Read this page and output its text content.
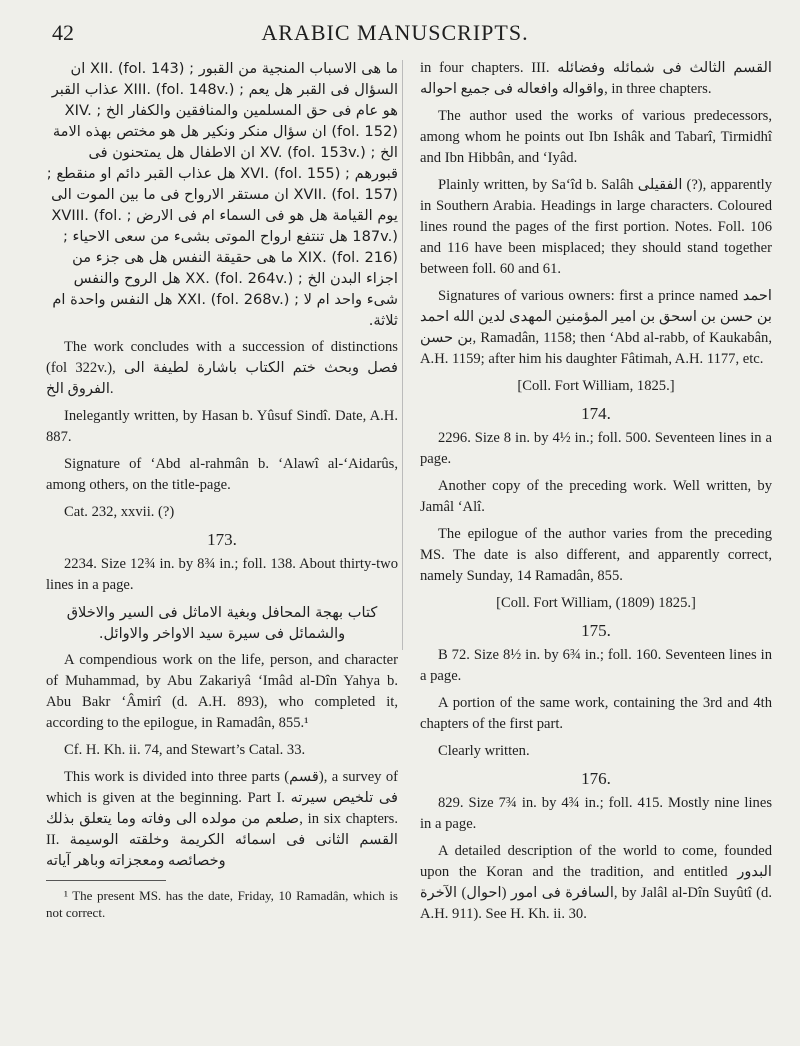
42	ARABIC MANUSCRIPTS.

ما هى الاسباب المنجية من القبور ; XII. (fol. 143) ان السؤال فى القبر هل يعم ; XIII. (fol. 148v.) عذاب القبر هو عام فى حق المسلمين والمنافقين والكفار الخ ; XIV. (fol. 152) ان سؤال منكر ونكير هل هو مختص بهذه الامة الخ ; XV. (fol. 153v.) ان الاطفال هل يمتحنون فى قبورهم ; XVI. (fol. 155) هل عذاب القبر دائم او منقطع ; XVII. (fol. 157) ان مستقر الارواح فى ما بين الموت الى يوم القيامة هل هو فى السماء ام فى الارض ; XVIII. (fol. 187v.) هل تنتفع ارواح الموتى بشىء من سعى الاحياء ; XIX. (fol. 216) ما هى حقيقة النفس هل هى جزء من اجزاء البدن الخ ; XX. (fol. 264v.) هل الروح والنفس شىء واحد ام لا ; XXI. (fol. 268v.) هل النفس واحدة ام ثلاثة.

The work concludes with a succession of distinctions (fol 322v.), فصل وبحث ختم الكتاب باشارة لطيفة الى الفروق الخ.

Inelegantly written, by Hasan b. Yûsuf Sindî. Date, A.H. 887.

Signature of ‘Abd al-rahmân b. ‘Alawî al-‘Aidarûs, among others, on the title-page.

Cat. 232, xxvii. (?)

173.

2234. Size 12¾ in. by 8¾ in.; foll. 138. About thirty-two lines in a page.

كتاب بهجة المحافل وبغية الاماثل فى السير والاخلاق والشمائل فى سيرة سيد الاواخر والاوائل.

A compendious work on the life, person, and character of Muhammad, by Abu Zakariyâ ‘Imâd al-Dîn Yahya b. Abu Bakr ‘Âmirî (d. A.H. 893), who completed it, according to the epilogue, in Ramadân, 855.¹

Cf. H. Kh. ii. 74, and Stewart’s Catal. 33.

This work is divided into three parts (قسم), a survey of which is given at the beginning. Part I. فى تلخيص سيرته صلعم من مولده الى وفاته وما يتعلق بذلك, in six chapters. II. القسم الثانى فى اسمائه الكريمة وخلقته الوسيمة وخصائصه ومعجزاته وباهر آياته

¹ The present MS. has the date, Friday, 10 Ramadân, which is not correct.

in four chapters. III. القسم الثالث فى شمائله وفضائله واقواله وافعاله فى جميع احواله, in three chapters.

The author used the works of various predecessors, among whom he points out Ibn Ishâk and Tabarî, Tirmidhî and Ibn Hibbân, and ‘Iyâd.

Plainly written, by Sa‘îd b. Salâh الفقيلى (?), apparently in Southern Arabia. Headings in large characters. Coloured lines round the pages of the first portion. Notes. Foll. 106 and 116 have been misplaced; they should stand together between foll. 60 and 61.

Signatures of various owners: first a prince named احمد بن حسن بن اسحق بن امير المؤمنين المهدى لدين الله احمد بن حسن, Ramadân, 1158; then ‘Abd al-rabb, of Kaukabân, A.H. 1159; after him his daughter Fâtimah, A.H. 1177, etc.

[Coll. Fort William, 1825.]

174.

2296. Size 8 in. by 4½ in.; foll. 500. Seventeen lines in a page.

Another copy of the preceding work. Well written, by Jamâl ‘Alî.

The epilogue of the author varies from the preceding MS. The date is also different, and apparently correct, namely Sunday, 14 Ramadân, 855.

[Coll. Fort William, (1809) 1825.]

175.

B 72. Size 8½ in. by 6¾ in.; foll. 160. Seventeen lines in a page.

A portion of the same work, containing the 3rd and 4th chapters of the first part.

Clearly written.

176.

829. Size 7¾ in. by 4¾ in.; foll. 415. Mostly nine lines in a page.

A detailed description of the world to come, founded upon the Koran and the tradition, and entitled البدور السافرة فى امور (احوال) الآخرة, by Jalâl al-Dîn Suyûtî (d. A.H. 911). See H. Kh. ii. 30.
